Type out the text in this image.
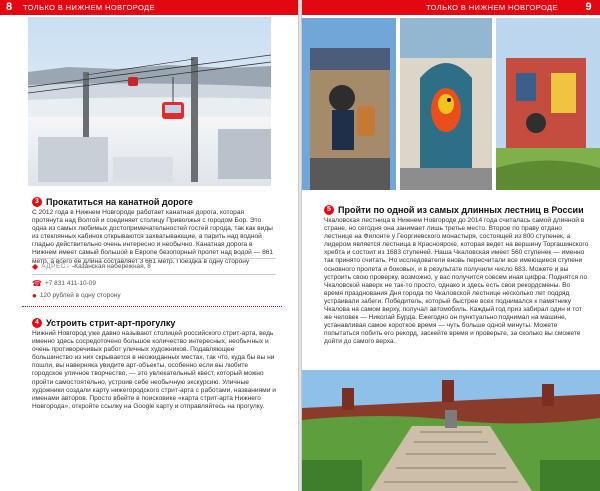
8 ТОЛЬКО В НИЖНЕМ НОВГОРОДЕ
3 Прокатиться на канатной дороге
С 2012 года в Нижнем Новгороде работает канатная дорога, которая протянута над Волгой и соединяет столицу Приволжья с городом Бор. Это одна из самых любимых достопримечательностей гостей города, так как виды из стеклянных кабинок открываются захватывающие, а парить над водной гладью действительно очень интересно и необычно. Канатная дорога в Нижнем имеет самый большой в Европе безопорный пролет над водой — 861 метр, а всего ее длина составляет 3 661 метр. Поездка в одну сторону
◆ АДРЕС: Казанская набережная, 8
☎ +7 831 411-10-09
● 120 рублей в одну сторону
4 Устроить стрит-арт-прогулку
Нижний Новгород уже давно называют столицей российского стрит-арта, ведь именно здесь сосредоточено большое количество интересных, необычных и очень противоречивых работ уличных художников. Подавляющее большинство из них скрывается в неожиданных местах, так что, куда бы вы ни пошли, вы наверняка увидите арт-объекты, особенно если вы любите городское уличное творчество, — это увлекательный квест, который можно пройти самостоятельно, устроив себе необычную экскурсию. Уличные художники создали карту нижегородского стрит-арта с работами, названиями и именами авторов. Просто вбейте в поисковике «карта стрит-арта Нижнего Новгорода», откройте ссылку на Google карту и отправляйтесь на прогулку.
ТОЛЬКО В НИЖНЕМ НОВГОРОДЕ	9
5 Пройти по одной из самых длинных лестниц в России
Чкаловская лестница в Нижнем Новгороде до 2014 года считалась самой длинной в стране, но сегодня она занимает лишь третье место. Второе по праву отдано лестнице на Филонте у Георгиевского монастыря, состоящей из 800 ступенек, а лидером является лестница в Красноярске, которая ведет на вершину Торгашинского хребта и состоит из 1683 ступеней. Наша Чкаловская имеет 560 ступенек — именно так принято считать. Но исследователи вновь пересчитали все имеющиеся ступени основного пролета и боковых, и в результате получили число 683. Можете и вы устроить свою проверку, возможно, у вас получится совсем иная цифра. Поднятся по Чкаловской наверх не так-то просто, однако и здесь есть свои рекордсмены. Во время празднования Дня города по Чкаловской лестнице несколько лет подряд устраивали забеги. Победитель, который быстрее всех поднимался к памятнику Чкалова на самом верху, получал автомобиль. Каждый год приз забирал один и тот же человек — Николай Бурда. Ежегодно он пунктуально поднимал на машине, устанавливая самое короткое время — чуть больше одной минуты. Можете попытаться побить его рекорд, заскейте время и проверьте, за сколько вы сможете дойти до самого верха.
